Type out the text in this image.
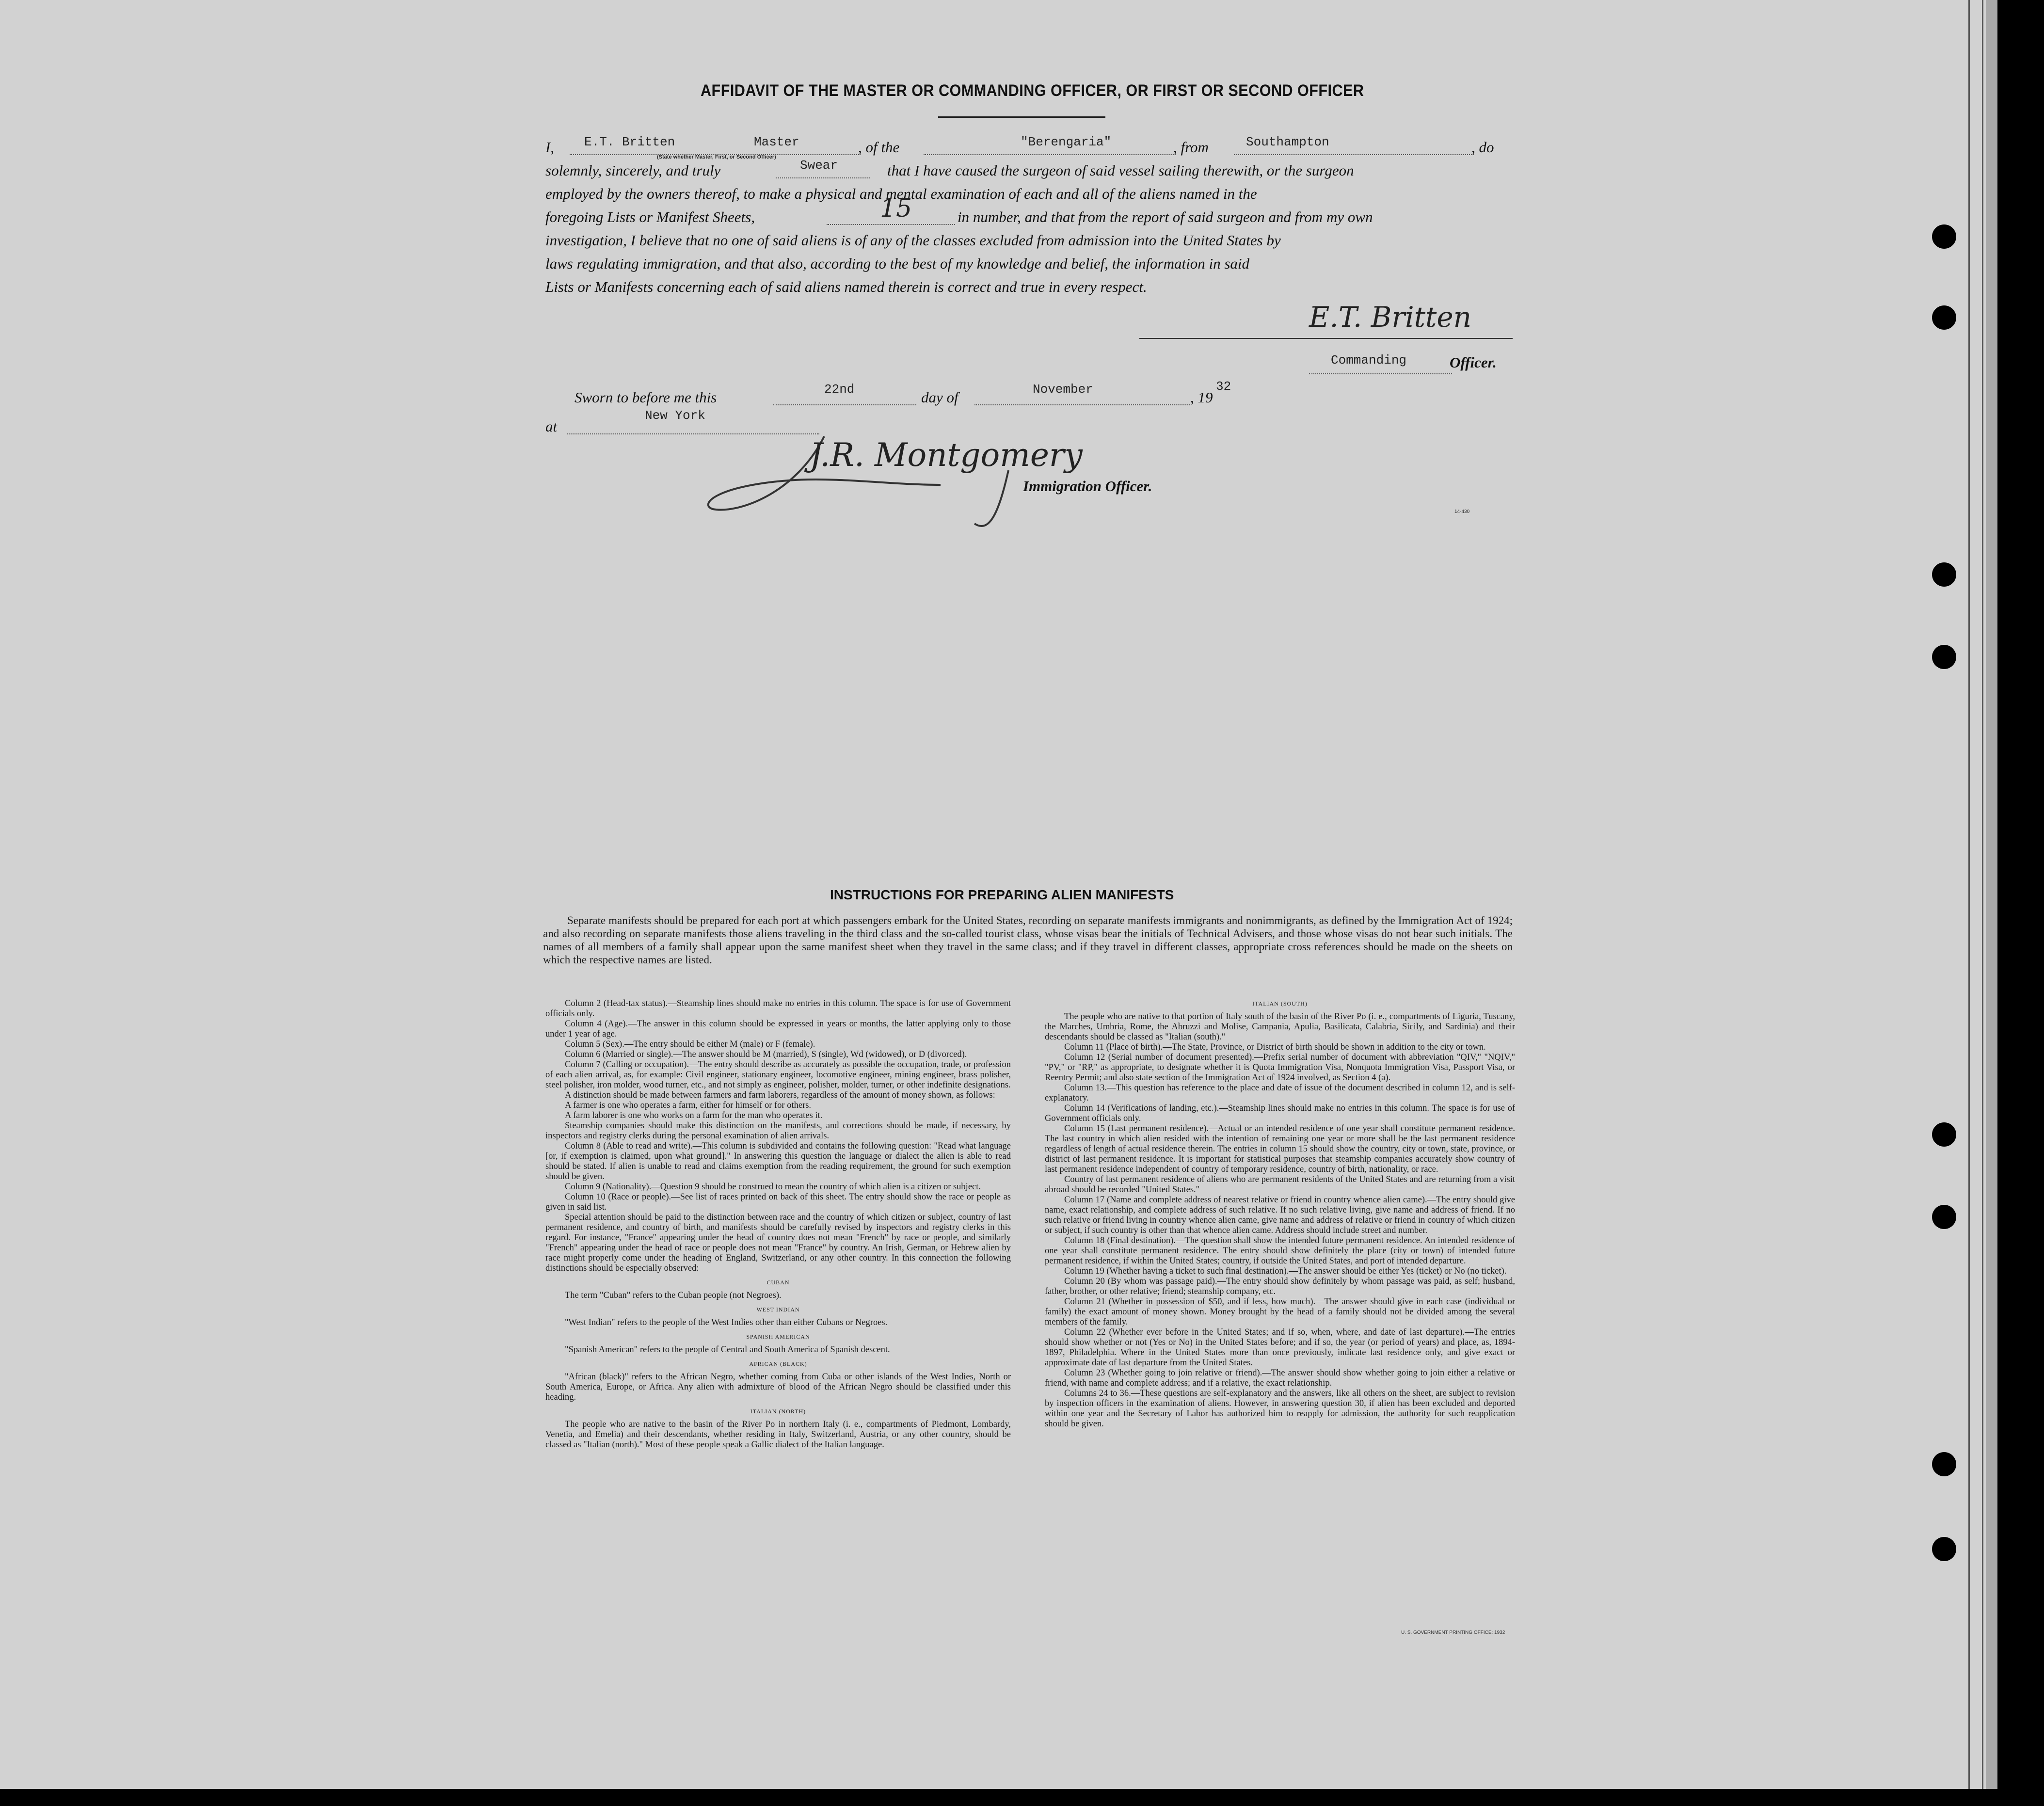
AFFIDAVIT OF THE MASTER OR COMMANDING OFFICER, OR FIRST OR SECOND OFFICER
I, E.T. Britten	Master
(State whether Master, First, or Second Officer)
, of the	"Berengaria"	, from	Southampton	, do
solemnly, sincerely, and truly	Swear	that I have caused the surgeon of said vessel sailing therewith, or the surgeon
employed by the owners thereof, to make a physical and mental examination of each and all of the aliens named in the
foregoing Lists or Manifest Sheets,	15	in number, and that from the report of said surgeon and from my own
investigation, I believe that no one of said aliens is of any of the classes excluded from admission into the United States by
laws regulating immigration, and that also, according to the best of my knowledge and belief, the information in said
Lists or Manifests concerning each of said aliens named therein is correct and true in every respect.
E.T. Britten
Commanding	Officer.
Sworn to before me this	22nd	day of	November	, 19
32
at
New York
J.R. Montgomery
Immigration Officer.
14-430
INSTRUCTIONS FOR PREPARING ALIEN MANIFESTS
Separate manifests should be prepared for each port at which passengers embark for the United States, recording on separate manifests immigrants and nonimmigrants, as defined by the Immigration Act of 1924; and also recording on separate manifests those aliens traveling in the third class and the so-called tourist class, whose visas bear the initials of Technical Advisers, and those whose visas do not bear such initials. The names of all members of a family shall appear upon the same manifest sheet when they travel in the same class; and if they travel in different classes, appropriate cross references should be made on the sheets on which the respective names are listed.

Column 2 (Head-tax status).—Steamship lines should make no entries in this column. The space is for use of Government officials only.

Column 4 (Age).—The answer in this column should be expressed in years or months, the latter applying only to those under 1 year of age.

Column 5 (Sex).—The entry should be either M (male) or F (female).

Column 6 (Married or single).—The answer should be M (married), S (single), Wd (widowed), or D (divorced).

Column 7 (Calling or occupation).—The entry should describe as accurately as possible the occupation, trade, or profession of each alien arrival, as, for example: Civil engineer, stationary engineer, locomotive engineer, mining engineer, brass polisher, steel polisher, iron molder, wood turner, etc., and not simply as engineer, polisher, molder, turner, or other indefinite designations.

A distinction should be made between farmers and farm laborers, regardless of the amount of money shown, as follows:

A farmer is one who operates a farm, either for himself or for others.

A farm laborer is one who works on a farm for the man who operates it.

Steamship companies should make this distinction on the manifests, and corrections should be made, if necessary, by inspectors and registry clerks during the personal examination of alien arrivals.

Column 8 (Able to read and write).—This column is subdivided and contains the following question: "Read what language [or, if exemption is claimed, upon what ground]." In answering this question the language or dialect the alien is able to read should be stated. If alien is unable to read and claims exemption from the reading requirement, the ground for such exemption should be given.

Column 9 (Nationality).—Question 9 should be construed to mean the country of which alien is a citizen or subject.

Column 10 (Race or people).—See list of races printed on back of this sheet. The entry should show the race or people as given in said list.

Special attention should be paid to the distinction between race and the country of which citizen or subject, country of last permanent residence, and country of birth, and manifests should be carefully revised by inspectors and registry clerks in this regard. For instance, "France" appearing under the head of country does not mean "French" by race or people, and similarly "French" appearing under the head of race or people does not mean "France" by country. An Irish, German, or Hebrew alien by race might properly come under the heading of England, Switzerland, or any other country. In this connection the following distinctions should be especially observed:

CUBAN

The term "Cuban" refers to the Cuban people (not Negroes).

WEST INDIAN

"West Indian" refers to the people of the West Indies other than either Cubans or Negroes.

SPANISH AMERICAN

"Spanish American" refers to the people of Central and South America of Spanish descent.

AFRICAN (BLACK)

"African (black)" refers to the African Negro, whether coming from Cuba or other islands of the West Indies, North or South America, Europe, or Africa. Any alien with admixture of blood of the African Negro should be classified under this heading.

ITALIAN (NORTH)

The people who are native to the basin of the River Po in northern Italy (i. e., compartments of Piedmont, Lombardy, Venetia, and Emelia) and their descendants, whether residing in Italy, Switzerland, Austria, or any other country, should be classed as "Italian (north)." Most of these people speak a Gallic dialect of the Italian language.

ITALIAN (SOUTH)

The people who are native to that portion of Italy south of the basin of the River Po (i. e., compartments of Liguria, Tuscany, the Marches, Umbria, Rome, the Abruzzi and Molise, Campania, Apulia, Basilicata, Calabria, Sicily, and Sardinia) and their descendants should be classed as "Italian (south)."

Column 11 (Place of birth).—The State, Province, or District of birth should be shown in addition to the city or town.

Column 12 (Serial number of document presented).—Prefix serial number of document with abbreviation "QIV," "NQIV," "PV," or "RP," as appropriate, to designate whether it is Quota Immigration Visa, Nonquota Immigration Visa, Passport Visa, or Reentry Permit; and also state section of the Immigration Act of 1924 involved, as Section 4 (a).

Column 13.—This question has reference to the place and date of issue of the document described in column 12, and is self-explanatory.

Column 14 (Verifications of landing, etc.).—Steamship lines should make no entries in this column. The space is for use of Government officials only.

Column 15 (Last permanent residence).—Actual or an intended residence of one year shall constitute permanent residence. The last country in which alien resided with the intention of remaining one year or more shall be the last permanent residence regardless of length of actual residence therein. The entries in column 15 should show the country, city or town, state, province, or district of last permanent residence. It is important for statistical purposes that steamship companies accurately show country of last permanent residence independent of country of temporary residence, country of birth, nationality, or race.

Country of last permanent residence of aliens who are permanent residents of the United States and are returning from a visit abroad should be recorded "United States."

Column 17 (Name and complete address of nearest relative or friend in country whence alien came).—The entry should give name, exact relationship, and complete address of such relative. If no such relative living, give name and address of friend. If no such relative or friend living in country whence alien came, give name and address of relative or friend in country of which citizen or subject, if such country is other than that whence alien came. Address should include street and number.

Column 18 (Final destination).—The question shall show the intended future permanent residence. An intended residence of one year shall constitute permanent residence. The entry should show definitely the place (city or town) of intended future permanent residence, if within the United States; country, if outside the United States, and port of intended departure.

Column 19 (Whether having a ticket to such final destination).—The answer should be either Yes (ticket) or No (no ticket).

Column 20 (By whom was passage paid).—The entry should show definitely by whom passage was paid, as self; husband, father, brother, or other relative; friend; steamship company, etc.

Column 21 (Whether in possession of $50, and if less, how much).—The answer should give in each case (individual or family) the exact amount of money shown. Money brought by the head of a family should not be divided among the several members of the family.

Column 22 (Whether ever before in the United States; and if so, when, where, and date of last departure).—The entries should show whether or not (Yes or No) in the United States before; and if so, the year (or period of years) and place, as, 1894-1897, Philadelphia. Where in the United States more than once previously, indicate last residence only, and give exact or approximate date of last departure from the United States.

Column 23 (Whether going to join relative or friend).—The answer should show whether going to join either a relative or friend, with name and complete address; and if a relative, the exact relationship.

Columns 24 to 36.—These questions are self-explanatory and the answers, like all others on the sheet, are subject to revision by inspection officers in the examination of aliens. However, in answering question 30, if alien has been excluded and deported within one year and the Secretary of Labor has authorized him to reapply for admission, the authority for such reapplication should be given.

U. S. GOVERNMENT PRINTING OFFICE: 1932
